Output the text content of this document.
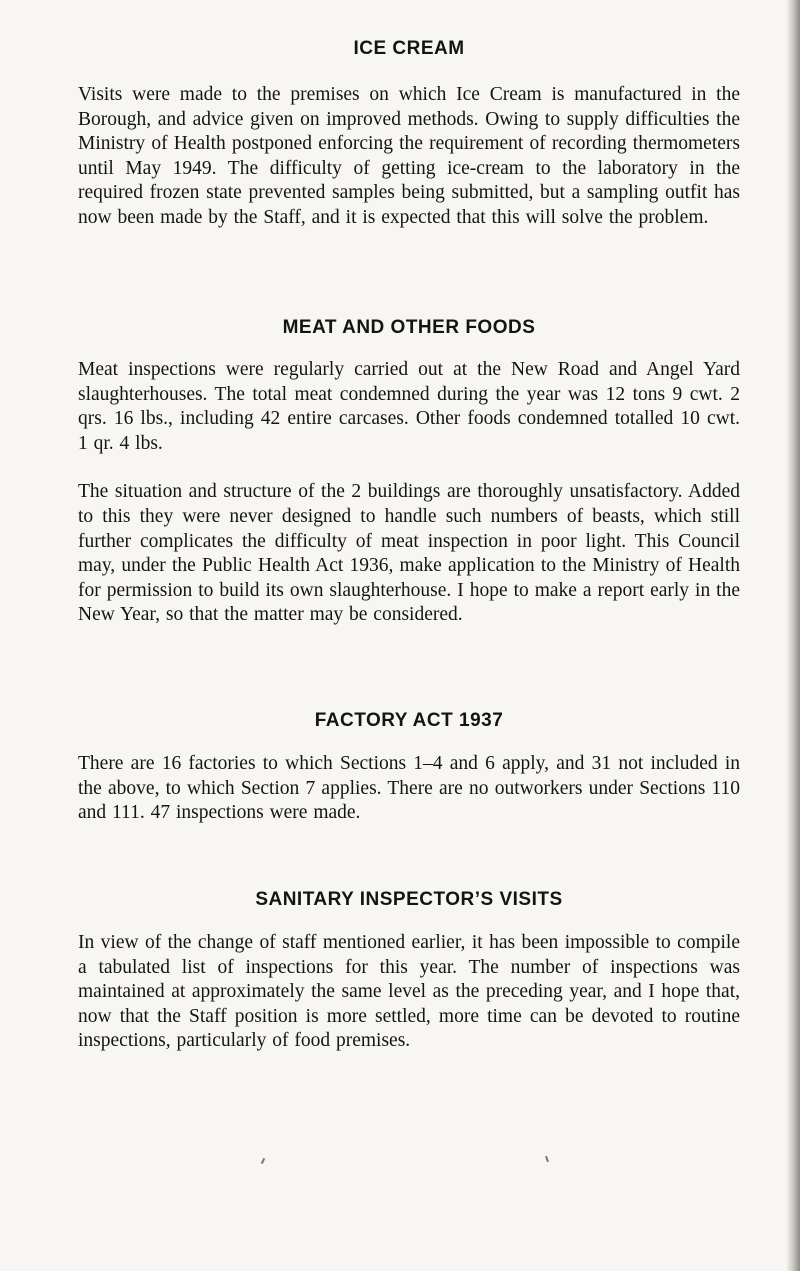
ICE CREAM

Visits were made to the premises on which Ice Cream is manufactured in the Borough, and advice given on improved methods. Owing to supply difficulties the Ministry of Health postponed enforcing the requirement of recording thermometers until May 1949. The difficulty of getting ice-cream to the laboratory in the required frozen state prevented samples being submitted, but a sampling outfit has now been made by the Staff, and it is expected that this will solve the problem.

MEAT AND OTHER FOODS

Meat inspections were regularly carried out at the New Road and Angel Yard slaughterhouses. The total meat condemned during the year was 12 tons 9 cwt. 2 qrs. 16 lbs., including 42 entire carcases. Other foods condemned totalled 10 cwt. 1 qr. 4 lbs.

The situation and structure of the 2 buildings are thoroughly unsatisfactory. Added to this they were never designed to handle such numbers of beasts, which still further complicates the difficulty of meat inspection in poor light. This Council may, under the Public Health Act 1936, make application to the Ministry of Health for permission to build its own slaughterhouse. I hope to make a report early in the New Year, so that the matter may be considered.

FACTORY ACT 1937

There are 16 factories to which Sections 1–4 and 6 apply, and 31 not included in the above, to which Section 7 applies. There are no outworkers under Sections 110 and 111. 47 inspections were made.

SANITARY INSPECTOR’S VISITS

In view of the change of staff mentioned earlier, it has been impossible to compile a tabulated list of inspections for this year. The number of inspections was maintained at approximately the same level as the preceding year, and I hope that, now that the Staff position is more settled, more time can be devoted to routine inspections, particularly of food premises.
